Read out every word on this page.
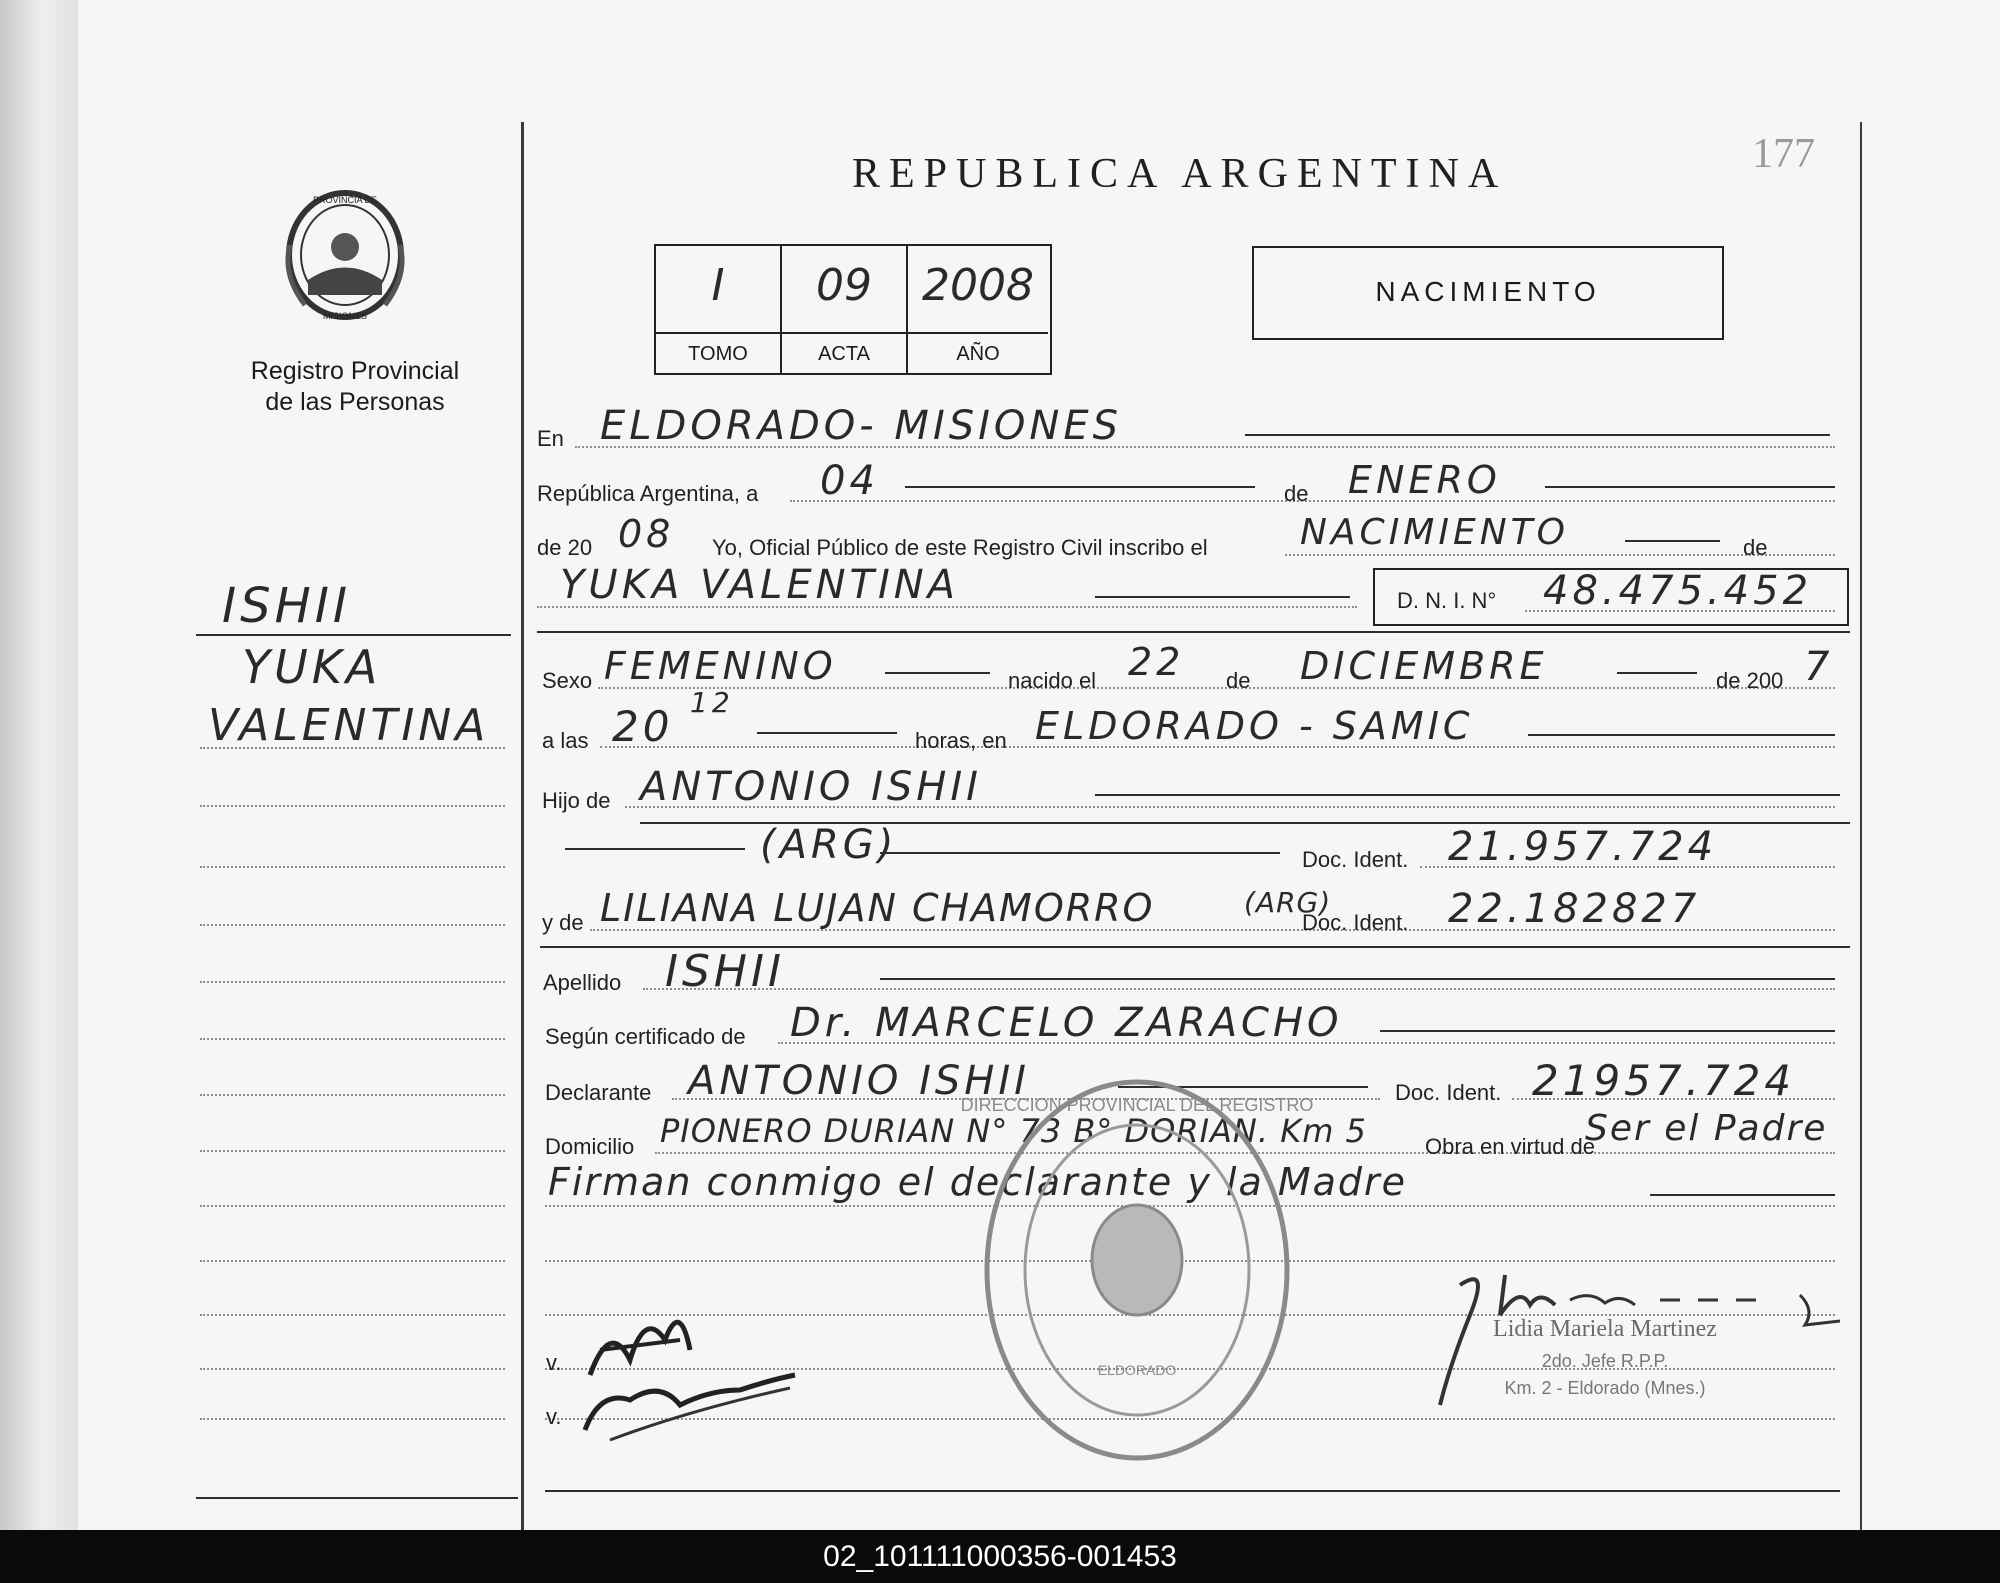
PROVINCIA DE
MISIONES
Registro Provincial
de las Personas
REPUBLICA ARGENTINA	177
I	09	2008
TOMO	ACTA	AÑO
NACIMIENTO
En ELDORADO- MISIONES
República Argentina, a 04	de ENERO
de 20 08 Yo, Oficial Público de este Registro Civil inscribo el	NACIMIENTO	de
YUKA VALENTINA	D. N. I. N° 48.475.452
ISHII
YUKA
VALENTINA
Sexo FEMENINO	nacido el 22 de DICIEMBRE	de 200 7
a las 20 12
horas, en ELDORADO - SAMIC
Hijo de ANTONIO ISHII
(ARG)	Doc. Ident. 21.957.724
y de LILIANA LUJAN CHAMORRO	(ARG)
Doc. Ident. 22.182827
Apellido ISHII
Según certificado de Dr. MARCELO ZARACHO
Declarante ANTONIO ISHII	Doc. Ident. 21957.724
Domicilio PIONERO DURIAN N° 73 B° DORIAN. Km 5	Obra en virtud de
Ser el Padre
Firman conmigo el declarante y la Madre
v.
v.
DIRECCION PROVINCIAL DEL REGISTRO
ELDORADO
Lidia Mariela Martinez
2do. Jefe R.P.P.
Km. 2 - Eldorado (Mnes.)
02_101111000356-001453
